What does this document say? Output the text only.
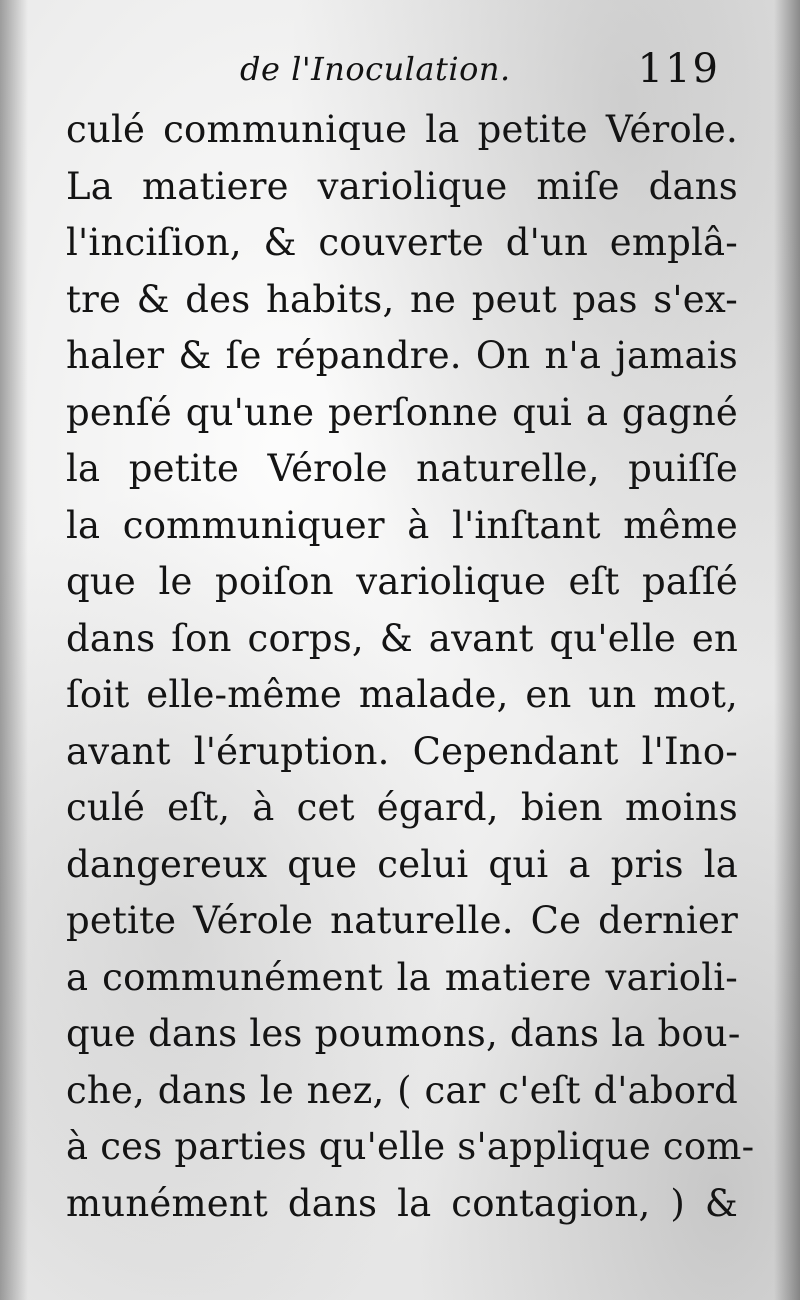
de l'Inoculation.	119
culé communique la petite Vérole.
La matiere variolique miſe dans
l'inciſion, & couverte d'un emplâ-
tre & des habits, ne peut pas s'ex-
haler & ſe répandre. On n'a jamais
penſé qu'une perſonne qui a gagné
la petite Vérole naturelle, puiſſe
la communiquer à l'inſtant même
que le poiſon variolique eſt paſſé
dans ſon corps, & avant qu'elle en
ſoit elle-même malade, en un mot,
avant l'éruption. Cependant l'Ino-
culé eſt, à cet égard, bien moins
dangereux que celui qui a pris la
petite Vérole naturelle. Ce dernier
a communément la matiere varioli-
que dans les poumons, dans la bou-
che, dans le nez, ( car c'eſt d'abord
à ces parties qu'elle s'applique com-
munément dans la contagion, ) &
